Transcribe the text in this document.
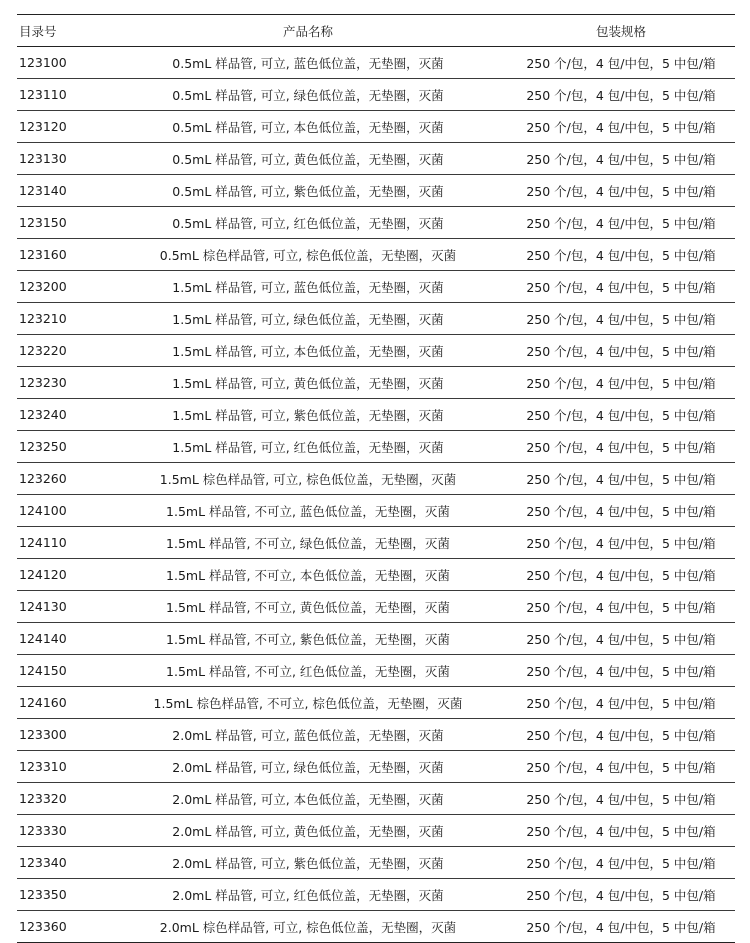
目录号	产品名称	包装规格
123100	0.5mL 样品管, 可立, 蓝色低位盖，无垫圈，灭菌	250 个/包，4 包/中包，5 中包/箱
123110	0.5mL 样品管, 可立, 绿色低位盖，无垫圈，灭菌	250 个/包，4 包/中包，5 中包/箱
123120	0.5mL 样品管, 可立, 本色低位盖，无垫圈，灭菌	250 个/包，4 包/中包，5 中包/箱
123130	0.5mL 样品管, 可立, 黄色低位盖，无垫圈，灭菌	250 个/包，4 包/中包，5 中包/箱
123140	0.5mL 样品管, 可立, 紫色低位盖，无垫圈，灭菌	250 个/包，4 包/中包，5 中包/箱
123150	0.5mL 样品管, 可立, 红色低位盖，无垫圈，灭菌	250 个/包，4 包/中包，5 中包/箱
123160	0.5mL 棕色样品管, 可立, 棕色低位盖，无垫圈，灭菌	250 个/包，4 包/中包，5 中包/箱
123200	1.5mL 样品管, 可立, 蓝色低位盖，无垫圈，灭菌	250 个/包，4 包/中包，5 中包/箱
123210	1.5mL 样品管, 可立, 绿色低位盖，无垫圈，灭菌	250 个/包，4 包/中包，5 中包/箱
123220	1.5mL 样品管, 可立, 本色低位盖，无垫圈，灭菌	250 个/包，4 包/中包，5 中包/箱
123230	1.5mL 样品管, 可立, 黄色低位盖，无垫圈，灭菌	250 个/包，4 包/中包，5 中包/箱
123240	1.5mL 样品管, 可立, 紫色低位盖，无垫圈，灭菌	250 个/包，4 包/中包，5 中包/箱
123250	1.5mL 样品管, 可立, 红色低位盖，无垫圈，灭菌	250 个/包，4 包/中包，5 中包/箱
123260	1.5mL 棕色样品管, 可立, 棕色低位盖，无垫圈，灭菌	250 个/包，4 包/中包，5 中包/箱
124100	1.5mL 样品管, 不可立, 蓝色低位盖，无垫圈，灭菌	250 个/包，4 包/中包，5 中包/箱
124110	1.5mL 样品管, 不可立, 绿色低位盖，无垫圈，灭菌	250 个/包，4 包/中包，5 中包/箱
124120	1.5mL 样品管, 不可立, 本色低位盖，无垫圈，灭菌	250 个/包，4 包/中包，5 中包/箱
124130	1.5mL 样品管, 不可立, 黄色低位盖，无垫圈，灭菌	250 个/包，4 包/中包，5 中包/箱
124140	1.5mL 样品管, 不可立, 紫色低位盖，无垫圈，灭菌	250 个/包，4 包/中包，5 中包/箱
124150	1.5mL 样品管, 不可立, 红色低位盖，无垫圈，灭菌	250 个/包，4 包/中包，5 中包/箱
124160	1.5mL 棕色样品管, 不可立, 棕色低位盖，无垫圈，灭菌	250 个/包，4 包/中包，5 中包/箱
123300	2.0mL 样品管, 可立, 蓝色低位盖，无垫圈，灭菌	250 个/包，4 包/中包，5 中包/箱
123310	2.0mL 样品管, 可立, 绿色低位盖，无垫圈，灭菌	250 个/包，4 包/中包，5 中包/箱
123320	2.0mL 样品管, 可立, 本色低位盖，无垫圈，灭菌	250 个/包，4 包/中包，5 中包/箱
123330	2.0mL 样品管, 可立, 黄色低位盖，无垫圈，灭菌	250 个/包，4 包/中包，5 中包/箱
123340	2.0mL 样品管, 可立, 紫色低位盖，无垫圈，灭菌	250 个/包，4 包/中包，5 中包/箱
123350	2.0mL 样品管, 可立, 红色低位盖，无垫圈，灭菌	250 个/包，4 包/中包，5 中包/箱
123360	2.0mL 棕色样品管, 可立, 棕色低位盖，无垫圈，灭菌	250 个/包，4 包/中包，5 中包/箱
